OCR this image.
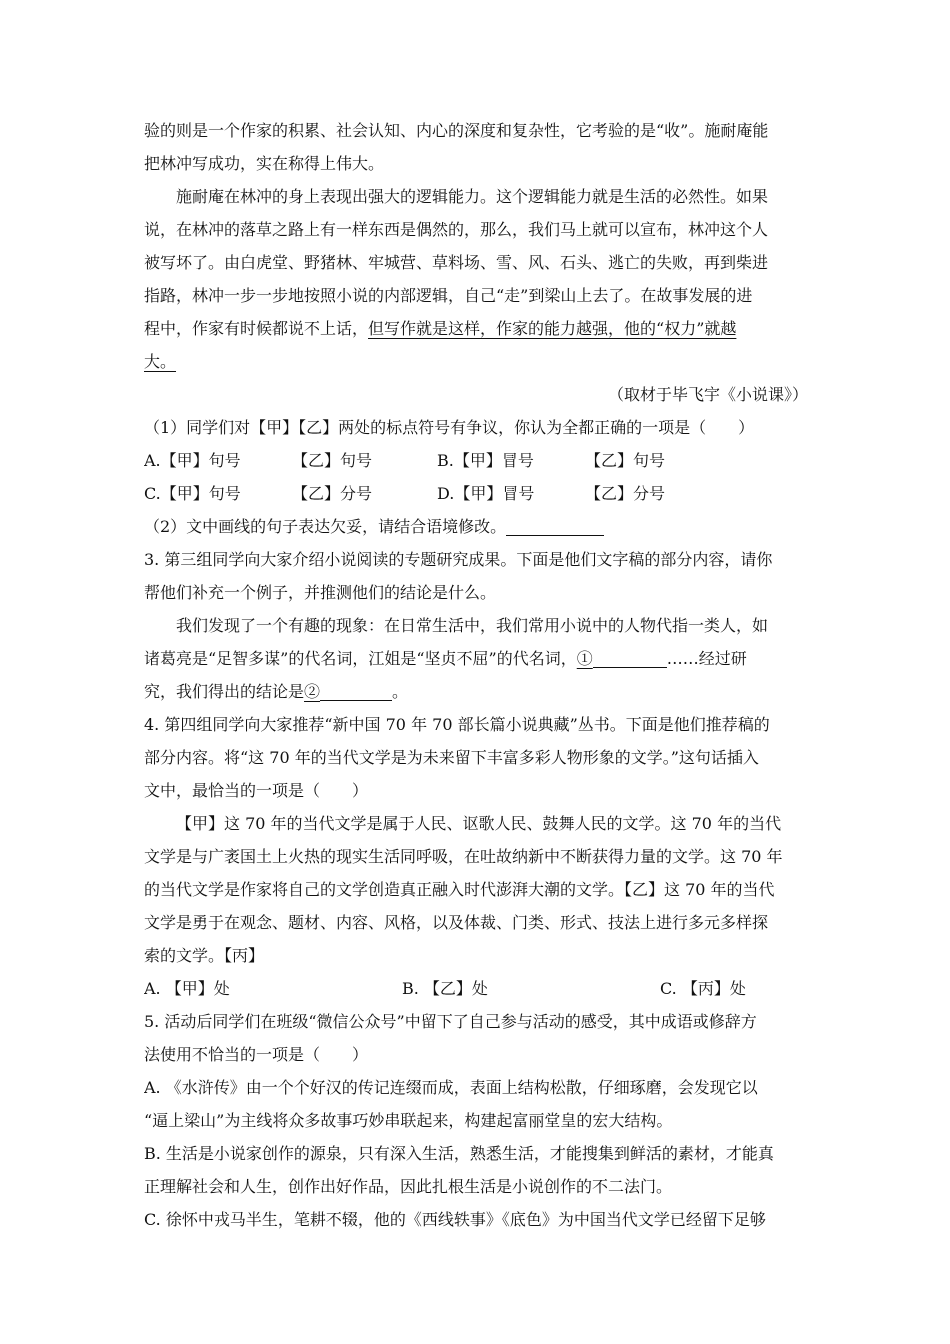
验的则是一个作家的积累、社会认知、内心的深度和复杂性，它考验的是“收”。施耐庵能
把林冲写成功，实在称得上伟大。
施耐庵在林冲的身上表现出强大的逻辑能力。这个逻辑能力就是生活的必然性。如果
说，在林冲的落草之路上有一样东西是偶然的，那么，我们马上就可以宣布，林冲这个人
被写坏了。由白虎堂、野猪林、牢城营、草料场、雪、风、石头、逃亡的失败，再到柴进
指路，林冲一步一步地按照小说的内部逻辑，自己“走”到梁山上去了。在故事发展的进
程中，作家有时候都说不上话，但写作就是这样，作家的能力越强，他的“权力”就越
大。
（取材于毕飞宇《小说课》）
（1）同学们对【甲】【乙】两处的标点符号有争议，你认为全都正确的一项是（　　）
A.【甲】句号	【乙】句号	B.【甲】冒号	【乙】句号
C.【甲】句号	【乙】分号	D.【甲】冒号	【乙】分号
（2）文中画线的句子表达欠妥，请结合语境修改。
3. 第三组同学向大家介绍小说阅读的专题研究成果。下面是他们文字稿的部分内容，请你
帮他们补充一个例子，并推测他们的结论是什么。
我们发现了一个有趣的现象：在日常生活中，我们常用小说中的人物代指一类人，如
诸葛亮是“足智多谋”的代名词，江姐是“坚贞不屈”的代名词，①	……经过研
究，我们得出的结论是②	。
4. 第四组同学向大家推荐“新中国 70 年 70 部长篇小说典藏”丛书。下面是他们推荐稿的
部分内容。将“这 70 年的当代文学是为未来留下丰富多彩人物形象的文学。”这句话插入
文中，最恰当的一项是（　　）
【甲】这 70 年的当代文学是属于人民、讴歌人民、鼓舞人民的文学。这 70 年的当代
文学是与广袤国土上火热的现实生活同呼吸，在吐故纳新中不断获得力量的文学。这 70 年
的当代文学是作家将自己的文学创造真正融入时代澎湃大潮的文学。【乙】这 70 年的当代
文学是勇于在观念、题材、内容、风格，以及体裁、门类、形式、技法上进行多元多样探
索的文学。【丙】
A. 【甲】处	B. 【乙】处	C. 【丙】处
5. 活动后同学们在班级“微信公众号”中留下了自己参与活动的感受，其中成语或修辞方
法使用不恰当的一项是（　　）
A. 《水浒传》由一个个好汉的传记连缀而成，表面上结构松散，仔细琢磨，会发现它以
“逼上梁山”为主线将众多故事巧妙串联起来，构建起富丽堂皇的宏大结构。
B. 生活是小说家创作的源泉，只有深入生活，熟悉生活，才能搜集到鲜活的素材，才能真
正理解社会和人生，创作出好作品，因此扎根生活是小说创作的不二法门。
C. 徐怀中戎马半生，笔耕不辍，他的《西线轶事》《底色》为中国当代文学已经留下足够
